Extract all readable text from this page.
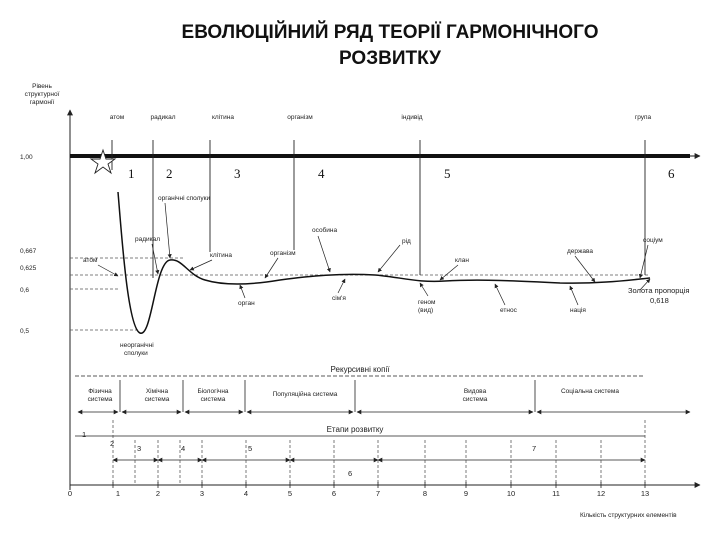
ЕВОЛЮЦІЙНИЙ РЯД ТЕОРІЇ ГАРМОНІЧНОГО
РОЗВИТКУ
Рівень
структурної
гармонії
1,00
0,667
0,625
0,6
0,5
атом	радикал	клітина	організм	індивід	група
1 2	3	4	5	6
органічні сполуки
особина
рід
радикал
атом
клітина	організм
клан
держава
соціум
орган
сім'я
геном
(вид)	етнос	нація
Золота пропорція
0,618
неорганічні
сполуки
Рекурсивні копії
Фізична
система
Хімічна
система
Біологічна
система
Популяційна система	Видова
система
Соціальна система
Етапи розвитку
1
2
3	4	5
6
7
0	1	2	3	4	5	6	7	8	9	10	11	12	13
Кількість структурних елементів
